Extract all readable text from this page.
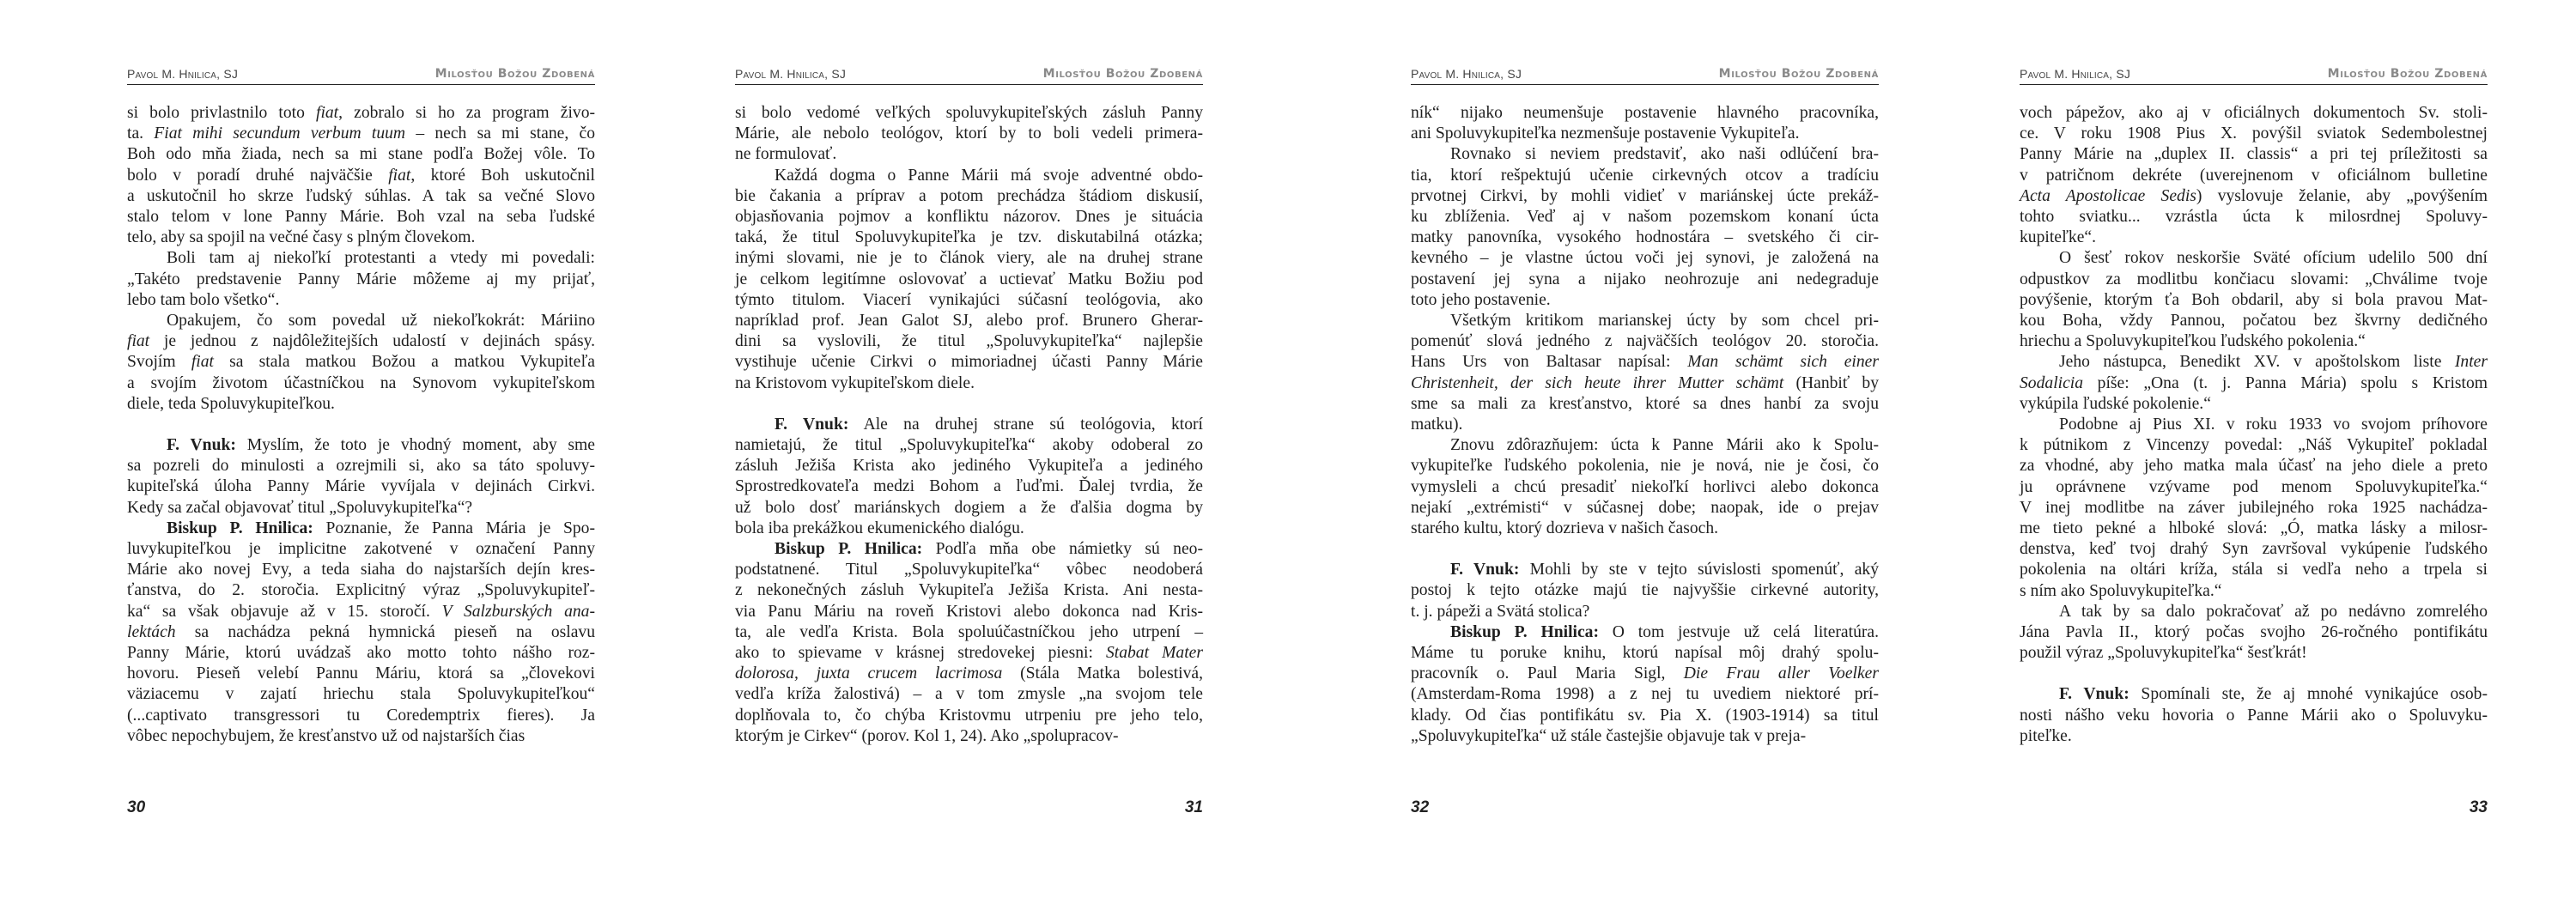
Pavol M. Hnilica, SJ	Milosťou Božou Zdobená

si bolo privlastnilo toto fiat, zobralo si ho za program živo-
ta. Fiat mihi secundum verbum tuum – nech sa mi stane, čo
Boh odo mňa žiada, nech sa mi stane podľa Božej vôle. To
bolo v poradí druhé najväčšie fiat, ktoré Boh uskutočnil
a uskutočnil ho skrze ľudský súhlas. A tak sa večné Slovo
stalo telom v lone Panny Márie. Boh vzal na seba ľudské
telo, aby sa spojil na večné časy s plným človekom.

Boli tam aj niekoľkí protestanti a vtedy mi povedali:
„Takéto predstavenie Panny Márie môžeme aj my prijať,
lebo tam bolo všetko“.

Opakujem, čo som povedal už niekoľkokrát: Máriino
fiat je jednou z najdôležitejších udalostí v dejinách spásy.
Svojím fiat sa stala matkou Božou a matkou Vykupiteľa
a svojím životom účastníčkou na Synovom vykupiteľskom
diele, teda Spoluvykupiteľkou.

F. Vnuk: Myslím, že toto je vhodný moment, aby sme
sa pozreli do minulosti a ozrejmili si, ako sa táto spoluvy-
kupiteľská úloha Panny Márie vyvíjala v dejinách Cirkvi.
Kedy sa začal objavovať titul „Spoluvykupiteľka“?

Biskup P. Hnilica: Poznanie, že Panna Mária je Spo-
luvykupiteľkou je implicitne zakotvené v označení Panny
Márie ako novej Evy, a teda siaha do najstarších dejín kres-
ťanstva, do 2. storočia. Explicitný výraz „Spoluvykupiteľ-
ka“ sa však objavuje až v 15. storočí. V Salzburských ana-
lektách sa nachádza pekná hymnická pieseň na oslavu
Panny Márie, ktorú uvádzaš ako motto tohto nášho roz-
hovoru. Pieseň velebí Pannu Máriu, ktorá sa „človekovi
väziacemu v zajatí hriechu stala Spoluvykupiteľkou“
(...captivato transgressori tu Coredemptrix fieres). Ja
vôbec nepochybujem, že kresťanstvo už od najstarších čias

30
Pavol M. Hnilica, SJ	Milosťou Božou Zdobená

si bolo vedomé veľkých spoluvykupiteľských zásluh Panny
Márie, ale nebolo teológov, ktorí by to boli vedeli primera-
ne formulovať.

Každá dogma o Panne Márii má svoje adventné obdo-
bie čakania a príprav a potom prechádza štádiom diskusií,
objasňovania pojmov a konfliktu názorov. Dnes je situácia
taká, že titul Spoluvykupiteľka je tzv. diskutabilná otázka;
inými slovami, nie je to článok viery, ale na druhej strane
je celkom legitímne oslovovať a uctievať Matku Božiu pod
týmto titulom. Viacerí vynikajúci súčasní teológovia, ako
napríklad prof. Jean Galot SJ, alebo prof. Brunero Gherar-
dini sa vyslovili, že titul „Spoluvykupiteľka“ najlepšie
vystihuje učenie Cirkvi o mimoriadnej účasti Panny Márie
na Kristovom vykupiteľskom diele.

F. Vnuk: Ale na druhej strane sú teológovia, ktorí
namietajú, že titul „Spoluvykupiteľka“ akoby odoberal zo
zásluh Ježiša Krista ako jediného Vykupiteľa a jediného
Sprostredkovateľa medzi Bohom a ľuďmi. Ďalej tvrdia, že
už bolo dosť mariánskych dogiem a že ďalšia dogma by
bola iba prekážkou ekumenického dialógu.

Biskup P. Hnilica: Podľa mňa obe námietky sú neo-
podstatnené. Titul „Spoluvykupiteľka“ vôbec neodoberá
z nekonečných zásluh Vykupiteľa Ježiša Krista. Ani nesta-
via Panu Máriu na roveň Kristovi alebo dokonca nad Kris-
ta, ale vedľa Krista. Bola spoluúčastníčkou jeho utrpení –
ako to spievame v krásnej stredovekej piesni: Stabat Mater
dolorosa, juxta crucem lacrimosa (Stála Matka bolestivá,
vedľa kríža žalostivá) – a v tom zmysle „na svojom tele
doplňovala to, čo chýba Kristovmu utrpeniu pre jeho telo,
ktorým je Cirkev“ (porov. Kol 1, 24). Ako „spolupracov-

31
Pavol M. Hnilica, SJ	Milosťou Božou Zdobená

ník“ nijako neumenšuje postavenie hlavného pracovníka,
ani Spoluvykupiteľka nezmenšuje postavenie Vykupiteľa.

Rovnako si neviem predstaviť, ako naši odlúčení bra-
tia, ktorí rešpektujú učenie cirkevných otcov a tradíciu
prvotnej Cirkvi, by mohli vidieť v mariánskej úcte prekáž-
ku zblíženia. Veď aj v našom pozemskom konaní úcta
matky panovníka, vysokého hodnostára – svetského či cir-
kevného – je vlastne úctou voči jej synovi, je založená na
postavení jej syna a nijako neohrozuje ani nedegraduje
toto jeho postavenie.

Všetkým kritikom marianskej úcty by som chcel pri-
pomenúť slová jedného z najväčších teológov 20. storočia.
Hans Urs von Baltasar napísal: Man schämt sich einer
Christenheit, der sich heute ihrer Mutter schämt (Hanbiť by
sme sa mali za kresťanstvo, ktoré sa dnes hanbí za svoju
matku).

Znovu zdôrazňujem: úcta k Panne Márii ako k Spolu-
vykupiteľke ľudského pokolenia, nie je nová, nie je čosi, čo
vymysleli a chcú presadiť niekoľkí horlivci alebo dokonca
nejakí „extrémisti“ v súčasnej dobe; naopak, ide o prejav
starého kultu, ktorý dozrieva v našich časoch.

F. Vnuk: Mohli by ste v tejto súvislosti spomenúť, aký
postoj k tejto otázke majú tie najvyššie cirkevné autority,
t. j. pápeži a Svätá stolica?

Biskup P. Hnilica: O tom jestvuje už celá literatúra.
Máme tu poruke knihu, ktorú napísal môj drahý spolu-
pracovník o. Paul Maria Sigl, Die Frau aller Voelker
(Amsterdam-Roma 1998) a z nej tu uvediem niektoré prí-
klady. Od čias pontifikátu sv. Pia X. (1903-1914) sa titul
„Spoluvykupiteľka“ už stále častejšie objavuje tak v preja-

32
Pavol M. Hnilica, SJ	Milosťou Božou Zdobená

voch pápežov, ako aj v oficiálnych dokumentoch Sv. stoli-
ce. V roku 1908 Pius X. povýšil sviatok Sedembolestnej
Panny Márie na „duplex II. classis“ a pri tej príležitosti sa
v patričnom dekréte (uverejnenom v oficiálnom bulletine
Acta Apostolicae Sedis) vyslovuje želanie, aby „povýšením
tohto sviatku... vzrástla úcta k milosrdnej Spoluvy-
kupiteľke“.

O šesť rokov neskoršie Sväté ofícium udelilo 500 dní
odpustkov za modlitbu končiacu slovami: „Chválime tvoje
povýšenie, ktorým ťa Boh obdaril, aby si bola pravou Mat-
kou Boha, vždy Pannou, počatou bez škvrny dedičného
hriechu a Spoluvykupiteľkou ľudského pokolenia.“

Jeho nástupca, Benedikt XV. v apoštolskom liste Inter
Sodalicia píše: „Ona (t. j. Panna Mária) spolu s Kristom
vykúpila ľudské pokolenie.“

Podobne aj Pius XI. v roku 1933 vo svojom príhovore
k pútnikom z Vincenzy povedal: „Náš Vykupiteľ pokladal
za vhodné, aby jeho matka mala účasť na jeho diele a preto
ju oprávnene vzývame pod menom Spoluvykupiteľka.“
V inej modlitbe na záver jubilejného roka 1925 nachádza-
me tieto pekné a hlboké slová: „Ó, matka lásky a milosr-
denstva, keď tvoj drahý Syn završoval vykúpenie ľudského
pokolenia na oltári kríža, stála si vedľa neho a trpela si
s ním ako Spoluvykupiteľka.“

A tak by sa dalo pokračovať až po nedávno zomrelého
Jána Pavla II., ktorý počas svojho 26-ročného pontifikátu
použil výraz „Spoluvykupiteľka“ šesťkrát!

F. Vnuk: Spomínali ste, že aj mnohé vynikajúce osob-
nosti nášho veku hovoria o Panne Márii ako o Spoluvyku-
piteľke.

33
